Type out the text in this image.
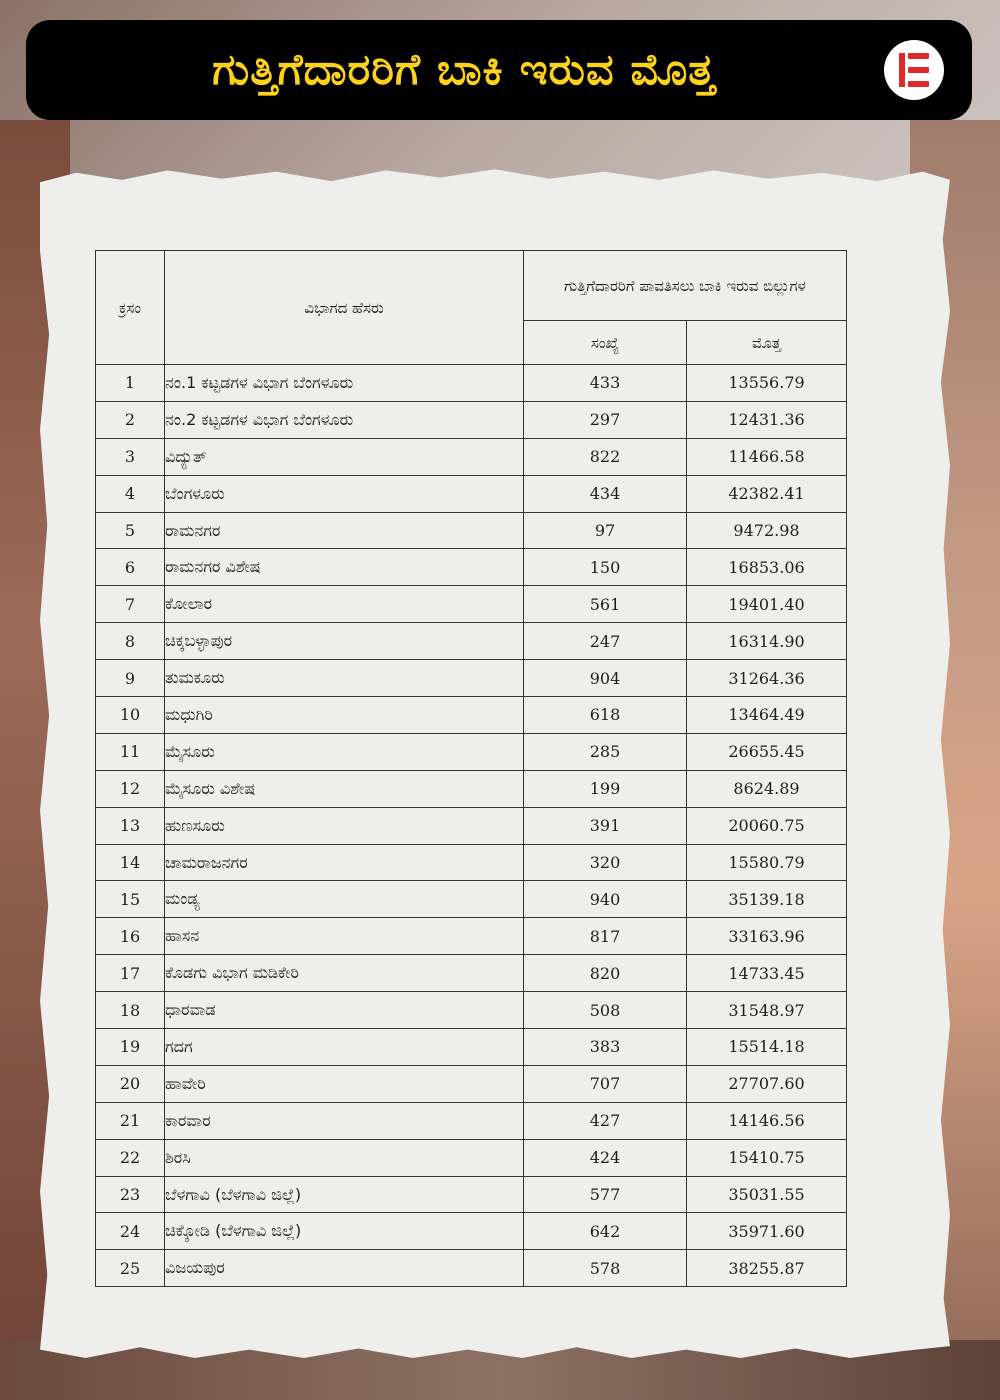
ಗುತ್ತಿಗೆದಾರರಿಗೆ ಬಾಕಿ ಇರುವ ಮೊತ್ತ
ಕ್ರಸಂ	ವಿಭಾಗದ ಹೆಸರು	ಗುತ್ತಿಗೆದಾರರಿಗೆ ಪಾವತಿಸಲು ಬಾಕಿ ಇರುವ ಬಿಲ್ಲುಗಳ	
		ಸಂಖ್ಯೆ	ಮೊತ್ತ
1	ನಂ.1 ಕಟ್ಟಡಗಳ ವಿಭಾಗ ಬೆಂಗಳೂರು	433	13556.79
2	ನಂ.2 ಕಟ್ಟಡಗಳ ವಿಭಾಗ ಬೆಂಗಳೂರು	297	12431.36
3	ವಿದ್ಯುತ್	822	11466.58
4	ಬೆಂಗಳೂರು	434	42382.41
5	ರಾಮನಗರ	97	9472.98
6	ರಾಮನಗರ ವಿಶೇಷ	150	16853.06
7	ಕೋಲಾರ	561	19401.40
8	ಚಿಕ್ಕಬಳ್ಳಾಪುರ	247	16314.90
9	ತುಮಕೂರು	904	31264.36
10	ಮಧುಗಿರಿ	618	13464.49
11	ಮೈಸೂರು	285	26655.45
12	ಮೈಸೂರು ವಿಶೇಷ	199	8624.89
13	ಹುಣಸೂರು	391	20060.75
14	ಚಾಮರಾಜನಗರ	320	15580.79
15	ಮಂಡ್ಯ	940	35139.18
16	ಹಾಸನ	817	33163.96
17	ಕೊಡಗು ವಿಭಾಗ ಮಡಿಕೇರಿ	820	14733.45
18	ಧಾರವಾಡ	508	31548.97
19	ಗದಗ	383	15514.18
20	ಹಾವೇರಿ	707	27707.60
21	ಕಾರವಾರ	427	14146.56
22	ಶಿರಸಿ	424	15410.75
23	ಬೆಳಗಾವಿ (ಬೆಳಗಾವಿ ಜಿಲ್ಲೆ)	577	35031.55
24	ಚಿಕ್ಕೋಡಿ (ಬೆಳಗಾವಿ ಜಿಲ್ಲೆ)	642	35971.60
25	ವಿಜಯಪುರ	578	38255.87
